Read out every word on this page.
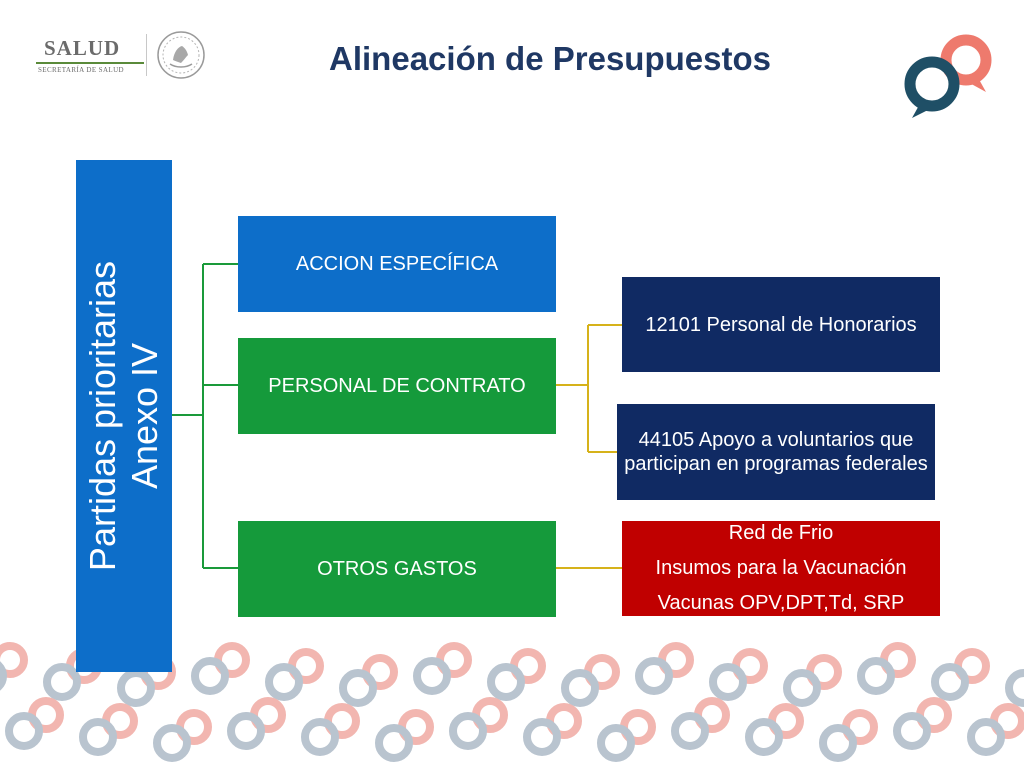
SALUD
SECRETARÍA DE SALUD	Alineación de Presupuestos
Partidas prioritarias Anexo IV
ACCION ESPECÍFICA
PERSONAL DE CONTRATO
OTROS GASTOS
12101 Personal de Honorarios
44105 Apoyo a voluntarios que participan en programas federales
Red de Frio
Insumos para la Vacunación
Vacunas OPV,DPT,Td, SRP
